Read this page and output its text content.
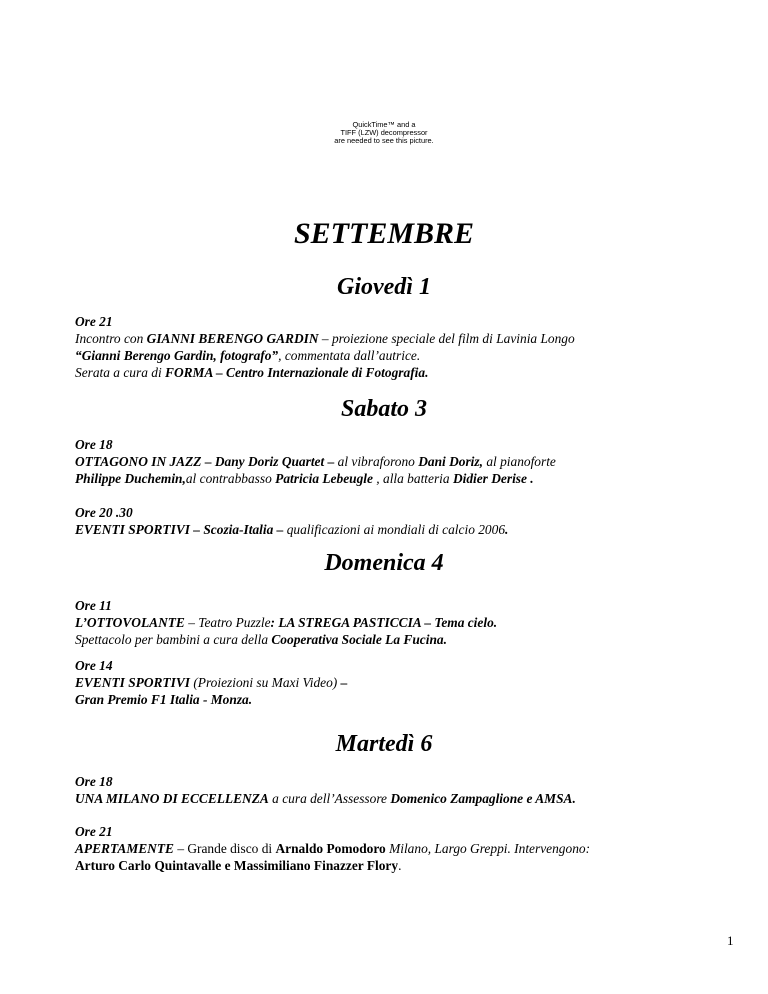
QuickTime™ and a
TIFF (LZW) decompressor
are needed to see this picture.
SETTEMBRE
Giovedì 1
Ore 21
Incontro con GIANNI BERENGO GARDIN – proiezione speciale del film di Lavinia Longo
“Gianni Berengo Gardin, fotografo”, commentata dall’autrice.
Serata a cura di FORMA – Centro Internazionale di Fotografia.
Sabato 3
Ore 18
OTTAGONO IN JAZZ – Dany Doriz Quartet – al vibraforono Dani Doriz, al pianoforte
Philippe Duchemin,al contrabbasso Patricia Lebeugle , alla batteria Didier Derise .
Ore 20 .30
EVENTI SPORTIVI – Scozia-Italia – qualificazioni ai mondiali di calcio 2006.
Domenica 4
Ore 11
L’OTTOVOLANTE – Teatro Puzzle: LA STREGA PASTICCIA – Tema cielo.
Spettacolo per bambini a cura della Cooperativa Sociale La Fucina.
Ore 14
EVENTI SPORTIVI (Proiezioni su Maxi Video) –
Gran Premio F1 Italia - Monza.
Martedì 6
Ore 18
UNA MILANO DI ECCELLENZA a cura dell’Assessore Domenico Zampaglione e AMSA.
Ore 21
APERTAMENTE – Grande disco di Arnaldo Pomodoro Milano, Largo Greppi. Intervengono:
Arturo Carlo Quintavalle e Massimiliano Finazzer Flory.
1
